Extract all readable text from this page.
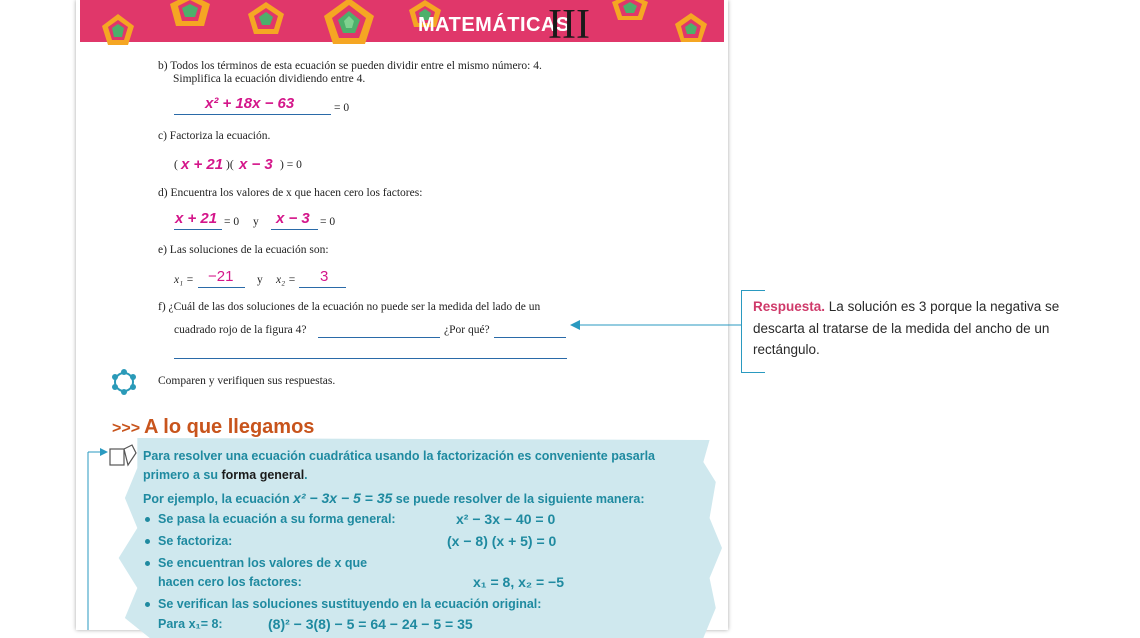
MATEMÁTICAS
III
b) Todos los términos de esta ecuación se pueden dividir entre el mismo número: 4.
Simplifica la ecuación dividiendo entre 4.
x² + 18x − 63	= 0
c) Factoriza la ecuación.
( x + 21 )( x − 3 ) = 0
d) Encuentra los valores de x que hacen cero los factores:
x + 21 = 0 y x − 3 = 0
e) Las soluciones de la ecuación son:
x₁ = −21 y x₂ = 3
f) ¿Cuál de las dos soluciones de la ecuación no puede ser la medida del lado de un
cuadrado rojo de la figura 4?	¿Por qué?
Comparen y verifiquen sus respuestas.
Respuesta. La solución es 3 porque la negativa se descarta al tratarse de la medida del ancho de un rectángulo.
>>> A lo que llegamos
Para resolver una ecuación cuadrática usando la factorización es conveniente pasarla
primero a su forma general.
Por ejemplo, la ecuación x² − 3x − 5 = 35 se puede resolver de la siguiente manera:
Se pasa la ecuación a su forma general:	x² − 3x − 40 = 0
Se factoriza:	(x − 8) (x + 5) = 0
Se encuentran los valores de x que
hacen cero los factores:	x₁ = 8, x₂ = −5
Se verifican las soluciones sustituyendo en la ecuación original:
Para x₁= 8:	(8)² − 3(8) − 5 = 64 − 24 − 5 = 35
